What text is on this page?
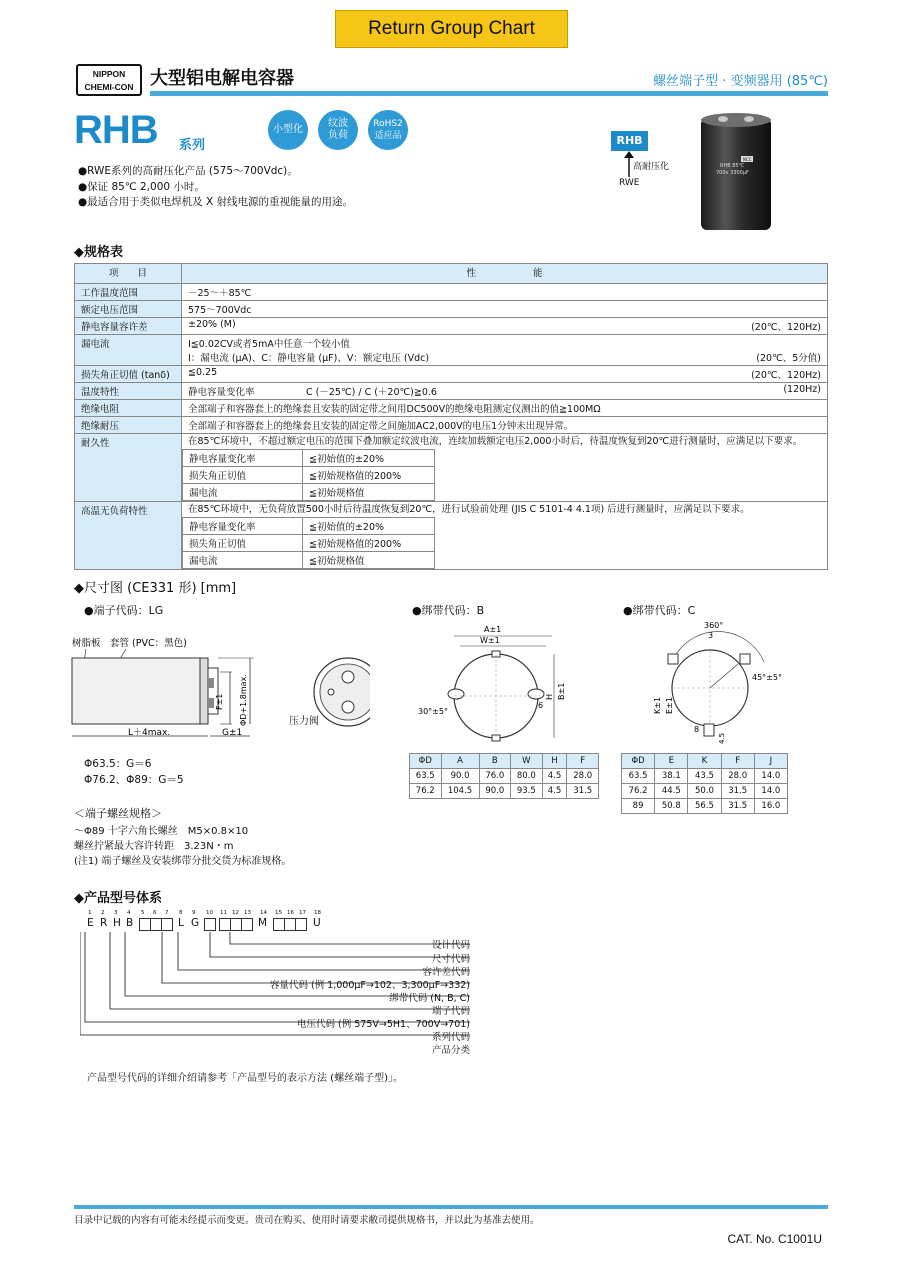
Return Group Chart
NIPPON
CHEMI-CON 大型铝电解电容器	螺丝端子型 · 变频器用 (85℃)
RHB 系列
小型化
纹波负荷
RoHS2适应品
●RWE系列的高耐压化产品 (575～700Vdc)。
●保证 85℃ 2,000 小时。
●最适合用于类似电焊机及 X 射线电源的重视能量的用途。
RHB
高耐压化
RWE
NCC
RHB 85℃
700v 3300μF
◆规格表
项　　目	性　　　　　　能
工作温度范围	－25～＋85℃
额定电压范围	575～700Vdc
静电容量容许差	±20% (M)	(20℃、120Hz)

漏电流	I≦0.02CV或者5mA中任意一个较小值
I：漏电流 (μA)、C：静电容量 (μF)、V：额定电压 (Vdc)	(20℃、5分值)

损失角正切值 (tanδ)	≦0.25	(20℃、120Hz)

温度特性	静电容量变化率	C (－25℃) / C (＋20℃)≧0.6	(120Hz)

绝缘电阻	全部端子和容器套上的绝缘套且安装的固定带之间用DC500V的绝缘电阻测定仪测出的值≧100MΩ
绝缘耐压	全部端子和容器套上的绝缘套且安装的固定带之间施加AC2,000V的电压1分钟未出现异常。
耐久性	在85℃环境中，不超过额定电压的范围下叠加额定纹波电流，连续加载额定电压2,000小时后，待温度恢复到20℃进行测量时，应满足以下要求。
静电容量变化率	≦初始值的±20%
损失角正切值	≦初始规格值的200%
漏电流	≦初始规格值

高温无负荷特性	在85℃环境中，无负荷放置500小时后待温度恢复到20℃，进行试验前处理 (JIS C 5101-4 4.1项) 后进行测量时，应满足以下要求。
静电容量变化率	≦初始值的±20%
损失角正切值	≦初始规格值的200%
漏电流	≦初始规格值
◆尺寸图 (CE331 形) [mm]
●端子代码：LG	●绑带代码：B	●绑带代码：C
树脂板 套管 (PVC：黑色)
F±1 ΦD+1.8max.
L＋4max.	G±1
压力阀
Φ63.5：G＝6
Φ76.2、Φ89：G＝5
A±1
W±1
H B±1
6
30°±5°
ΦD	A	B	W	H	F
63.5	90.0	76.0	80.0	4.5	28.0
76.2	104.5	90.0	93.5	4.5	31.5
360°
3
45°±5°
K±1 E±1
8
4.5
ΦD	E	K	F	J
63.5	38.1	43.5	28.0	14.0
76.2	44.5	50.0	31.5	14.0
89	50.8	56.5	31.5	16.0
＜端子螺丝规格＞
～Φ89 十字六角长螺丝　M5×0.8×10
螺丝拧紧最大容许转距　3.23N・m
(注1) 端子螺丝及安装绑带分批交货为标准规格。
◆产品型号体系
1 2 3 4 5 6 7 8 9 10 11 12 13 14 15 16 17 18
E R H B	L G	M	U
设计代码
尺寸代码
容许差代码
容量代码 (例 1,000μF→102、3,300μF→332)
绑带代码 (N, B, C)
端子代码
电压代码 (例 575V→5H1、700V→701)
系列代码
产品分类
产品型号代码的详细介绍请参考「产品型号的表示方法 (螺丝端子型)」。
目录中记载的内容有可能未经提示而变更。贵司在购买、使用时请要求敝司提供规格书，并以此为基准去使用。
CAT. No. C1001U
